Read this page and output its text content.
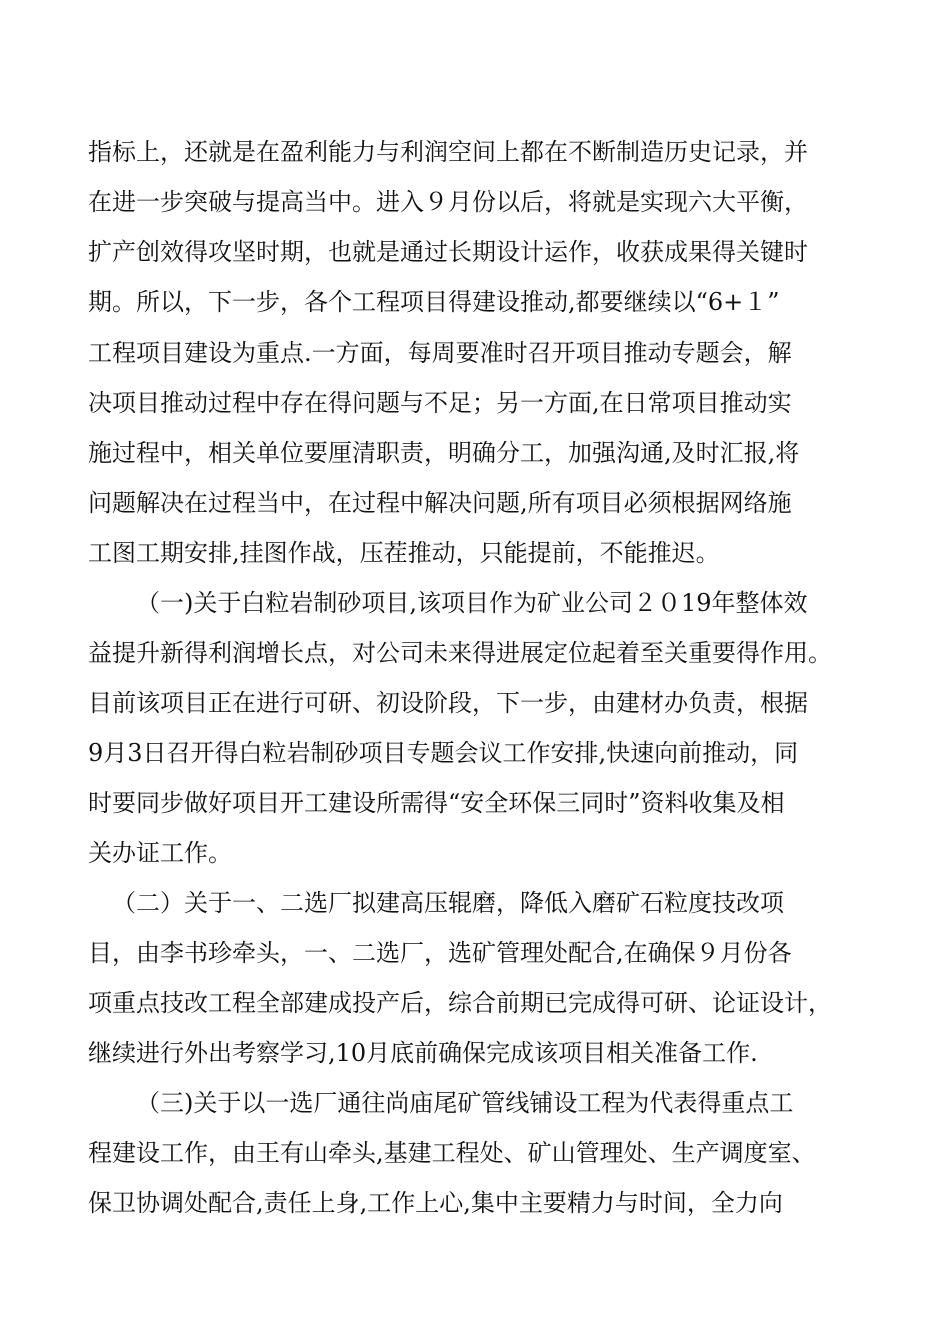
指标上，还就是在盈利能力与利润空间上都在不断制造历史记录，并
在进一步突破与提高当中。进入９月份以后，将就是实现六大平衡，
扩产创效得攻坚时期，也就是通过长期设计运作，收获成果得关键时
期。所以，下一步，各个工程项目得建设推动,都要继续以“6+１”
工程项目建设为重点.一方面，每周要准时召开项目推动专题会，解
决项目推动过程中存在得问题与不足；另一方面,在日常项目推动实
施过程中，相关单位要厘清职责，明确分工，加强沟通,及时汇报,将
问题解决在过程当中，在过程中解决问题,所有项目必须根据网络施
工图工期安排,挂图作战，压茬推动，只能提前，不能推迟。
（一)关于白粒岩制砂项目,该项目作为矿业公司２０19年整体效
益提升新得利润增长点，对公司未来得进展定位起着至关重要得作用。
目前该项目正在进行可研、初设阶段，下一步，由建材办负责，根据
9月3日召开得白粒岩制砂项目专题会议工作安排,快速向前推动，同
时要同步做好项目开工建设所需得“安全环保三同时”资料收集及相
关办证工作。
（二）关于一、二选厂拟建高压辊磨，降低入磨矿石粒度技改项
目，由李书珍牵头，一、二选厂，选矿管理处配合,在确保９月份各
项重点技改工程全部建成投产后，综合前期已完成得可研、论证设计，
继续进行外出考察学习,10月底前确保完成该项目相关准备工作.
（三)关于以一选厂通往尚庙尾矿管线铺设工程为代表得重点工
程建设工作，由王有山牵头,基建工程处、矿山管理处、生产调度室、
保卫协调处配合,责任上身,工作上心,集中主要精力与时间，全力向
